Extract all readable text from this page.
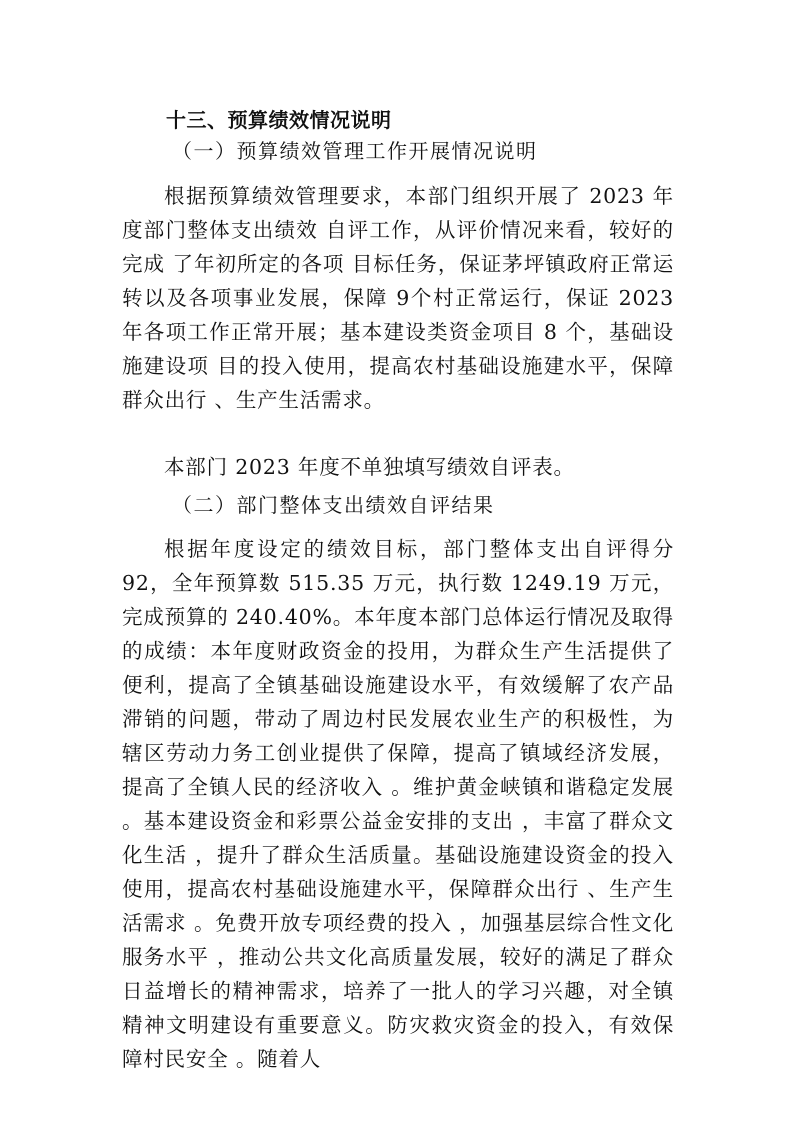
十三、预算绩效情况说明
（一）预算绩效管理工作开展情况说明
根据预算绩效管理要求，本部门组织开展了 2023 年度部门整体支出绩效 自评工作，从评价情况来看，较好的完成 了年初所定的各项 目标任务，保证茅坪镇政府正常运转以及各项事业发展，保障 9个村正常运行，保证 2023 年各项工作正常开展；基本建设类资金项目 8 个，基础设施建设项 目的投入使用，提高农村基础设施建水平，保障群众出行 、生产生活需求。
本部门 2023 年度不单独填写绩效自评表。
（二）部门整体支出绩效自评结果
根据年度设定的绩效目标，部门整体支出自评得分 92，全年预算数 515.35 万元，执行数 1249.19 万元，完成预算的 240.40%。本年度本部门总体运行情况及取得的成绩：本年度财政资金的投用，为群众生产生活提供了便利，提高了全镇基础设施建设水平，有效缓解了农产品滞销的问题，带动了周边村民发展农业生产的积极性，为辖区劳动力务工创业提供了保障，提高了镇域经济发展，提高了全镇人民的经济收入 。维护黄金峡镇和谐稳定发展 。基本建设资金和彩票公益金安排的支出 ，丰富了群众文化生活 ，提升了群众生活质量。基础设施建设资金的投入使用，提高农村基础设施建水平，保障群众出行 、生产生活需求 。免费开放专项经费的投入 ，加强基层综合性文化服务水平 ，推动公共文化高质量发展，较好的满足了群众 日益增长的精神需求，培养了一批人的学习兴趣，对全镇精神文明建设有重要意义。防灾救灾资金的投入，有效保障村民安全 。随着人
